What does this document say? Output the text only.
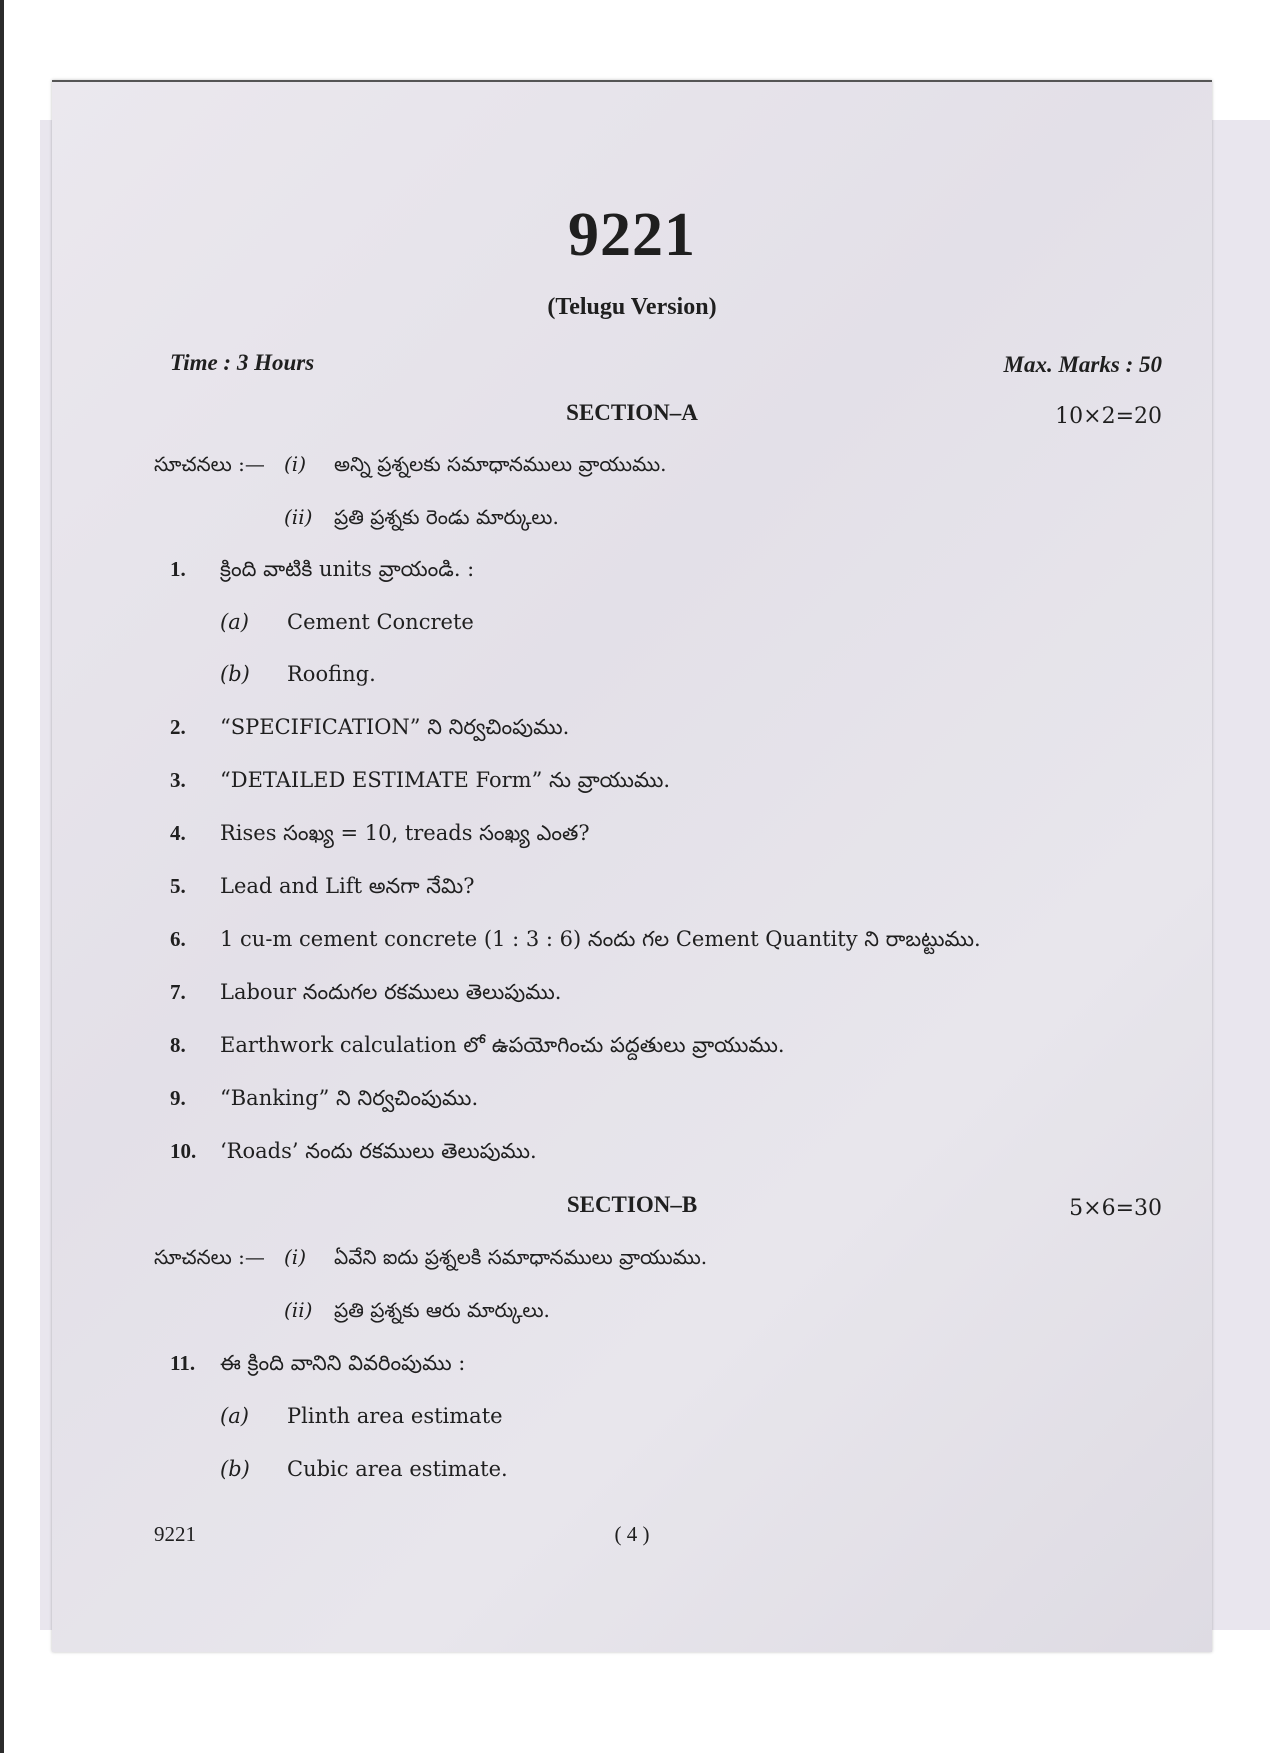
9221
(Telugu Version)
Time : 3 Hours	Max. Marks : 50
SECTION–A	10×2=20
సూచనలు :— (i) అన్ని ప్రశ్నలకు సమాధానములు వ్రాయుము.
(ii) ప్రతి ప్రశ్నకు రెండు మార్కులు.
1. క్రింది వాటికి units వ్రాయండి. :
(a) Cement Concrete
(b) Roofing.
2. “SPECIFICATION” ని నిర్వచింపుము.
3. “DETAILED ESTIMATE Form” ను వ్రాయుము.
4. Rises సంఖ్య = 10, treads సంఖ్య ఎంత?
5. Lead and Lift అనగా నేమి?
6. 1 cu-m cement concrete (1 : 3 : 6) నందు గల Cement Quantity ని రాబట్టుము.
7. Labour నందుగల రకములు తెలుపుము.
8. Earthwork calculation లో ఉపయోగించు పద్దతులు వ్రాయుము.
9. “Banking” ని నిర్వచింపుము.
10. ‘Roads’ నందు రకములు తెలుపుము.
SECTION–B	5×6=30
సూచనలు :— (i) ఏవేని ఐదు ప్రశ్నలకి సమాధానములు వ్రాయుము.
(ii) ప్రతి ప్రశ్నకు ఆరు మార్కులు.
11. ఈ క్రింది వానిని వివరింపుము :
(a) Plinth area estimate
(b) Cubic area estimate.
9221	( 4 )
